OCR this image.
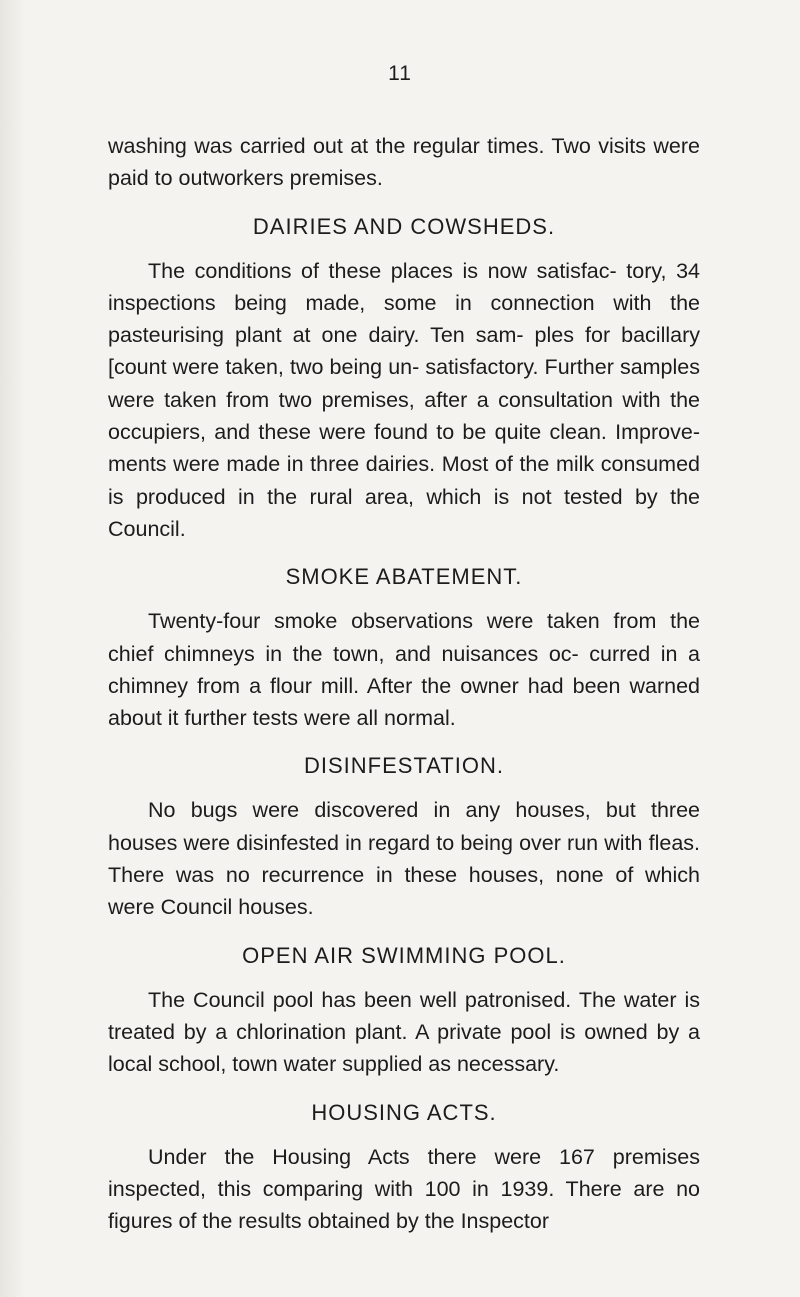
11

washing was carried out at the regular times. Two visits were paid to outworkers premises.

DAIRIES AND COWSHEDS.

The conditions of these places is now satisfac- tory, 34 inspections being made, some in connection with the pasteurising plant at one dairy. Ten sam- ples for bacillary [count were taken, two being un- satisfactory. Further samples were taken from two premises, after a consultation with the occupiers, and these were found to be quite clean. Improve- ments were made in three dairies. Most of the milk consumed is produced in the rural area, which is not tested by the Council.

SMOKE ABATEMENT.

Twenty-four smoke observations were taken from the chief chimneys in the town, and nuisances oc- curred in a chimney from a flour mill. After the owner had been warned about it further tests were all normal.

DISINFESTATION.

No bugs were discovered in any houses, but three houses were disinfested in regard to being over run with fleas. There was no recurrence in these houses, none of which were Council houses.

OPEN AIR SWIMMING POOL.

The Council pool has been well patronised. The water is treated by a chlorination plant. A private pool is owned by a local school, town water supplied as necessary.

HOUSING ACTS.

Under the Housing Acts there were 167 premises inspected, this comparing with 100 in 1939. There are no figures of the results obtained by the Inspector
